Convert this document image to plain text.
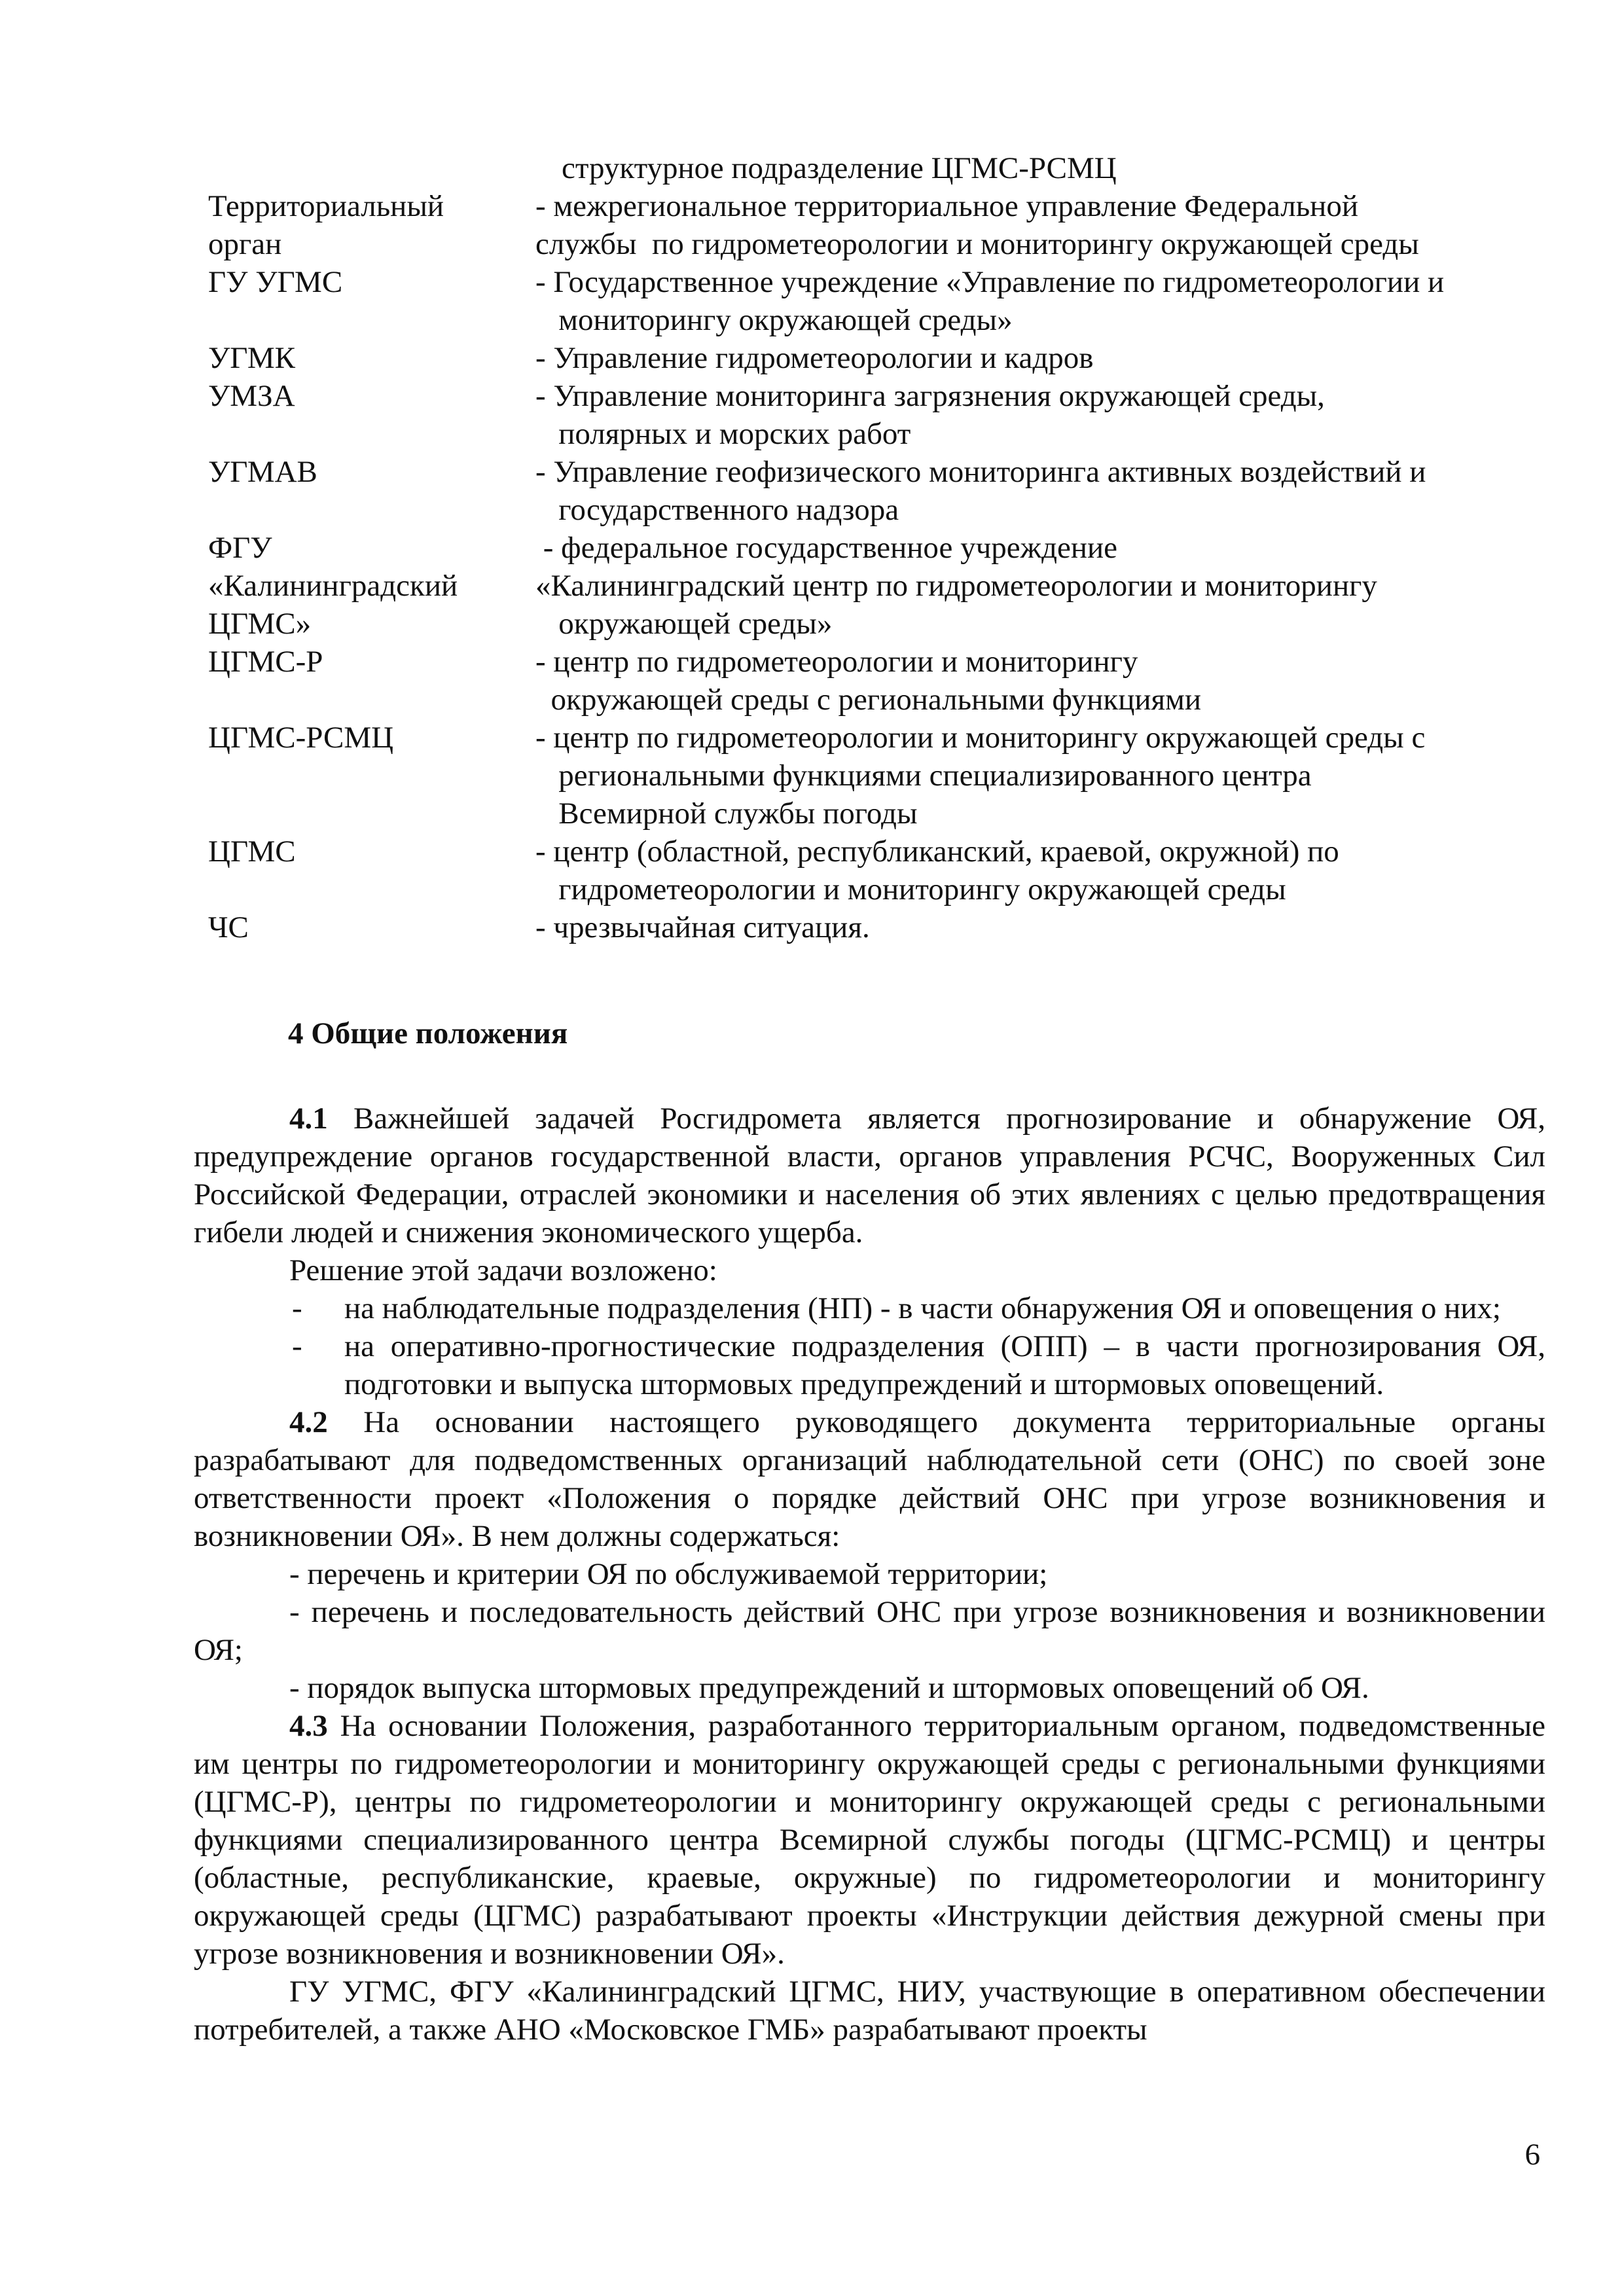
структурное подразделение ЦГМС-РСМЦ
Территориальный	- межрегиональное территориальное управление Федеральной
орган	службы  по гидрометеорологии и мониторингу окружающей среды
ГУ УГМС	- Государственное учреждение «Управление по гидрометеорологии и
мониторингу окружающей среды»
УГМК	- Управление гидрометеорологии и кадров
УМЗА	- Управление мониторинга загрязнения окружающей среды,
полярных и морских работ
УГМАВ	- Управление геофизического мониторинга активных воздействий и
государственного надзора
ФГУ	- федеральное государственное учреждение
«Калининградский	«Калининградский центр по гидрометеорологии и мониторингу
ЦГМС»	окружающей среды»
ЦГМС-Р	- центр по гидрометеорологии и мониторингу
окружающей среды с региональными функциями
ЦГМС-РСМЦ	- центр по гидрометеорологии и мониторингу окружающей среды с
региональными функциями специализированного центра
Всемирной службы погоды
ЦГМС	- центр (областной, республиканский, краевой, окружной) по
гидрометеорологии и мониторингу окружающей среды
ЧС	- чрезвычайная ситуация.
4 Общие положения

4.1 Важнейшей задачей Росгидромета является прогнозирование и обнаружение ОЯ, предупреждение органов государственной власти, органов управления РСЧС, Вооруженных Сил Российской Федерации, отраслей экономики и населения об этих явлениях с целью предотвращения гибели людей и снижения экономического ущерба.

Решение этой задачи возложено:

-	на наблюдательные подразделения (НП) - в части обнаружения ОЯ и оповещения о них;
-	на оперативно-прогностические подразделения (ОПП) – в части прогнозирования ОЯ, подготовки и выпуска штормовых предупреждений и штормовых оповещений.

4.2 На основании настоящего руководящего документа территориальные органы разрабатывают для подведомственных организаций наблюдательной сети (ОНС) по своей зоне ответственности проект «Положения о порядке действий ОНС при угрозе возникновения и возникновении ОЯ». В нем должны содержаться:

- перечень и критерии ОЯ по обслуживаемой территории;

- перечень и последовательность действий ОНС при угрозе возникновения и возникновении ОЯ;

- порядок выпуска штормовых предупреждений и штормовых оповещений об ОЯ.

4.3 На основании Положения, разработанного территориальным органом, подведомственные им центры по гидрометеорологии и мониторингу окружающей среды с региональными функциями (ЦГМС-Р), центры по гидрометеорологии и мониторингу окружающей среды с региональными функциями специализированного центра Всемирной службы погоды (ЦГМС-РСМЦ) и центры (областные, республиканские, краевые, окружные) по гидрометеорологии и мониторингу окружающей среды (ЦГМС) разрабатывают проекты «Инструкции действия дежурной смены при угрозе возникновения и возникновении ОЯ».

ГУ УГМС, ФГУ «Калининградский ЦГМС, НИУ, участвующие в оперативном обеспечении потребителей, а также АНО «Московское ГМБ» разрабатывают проекты

6
